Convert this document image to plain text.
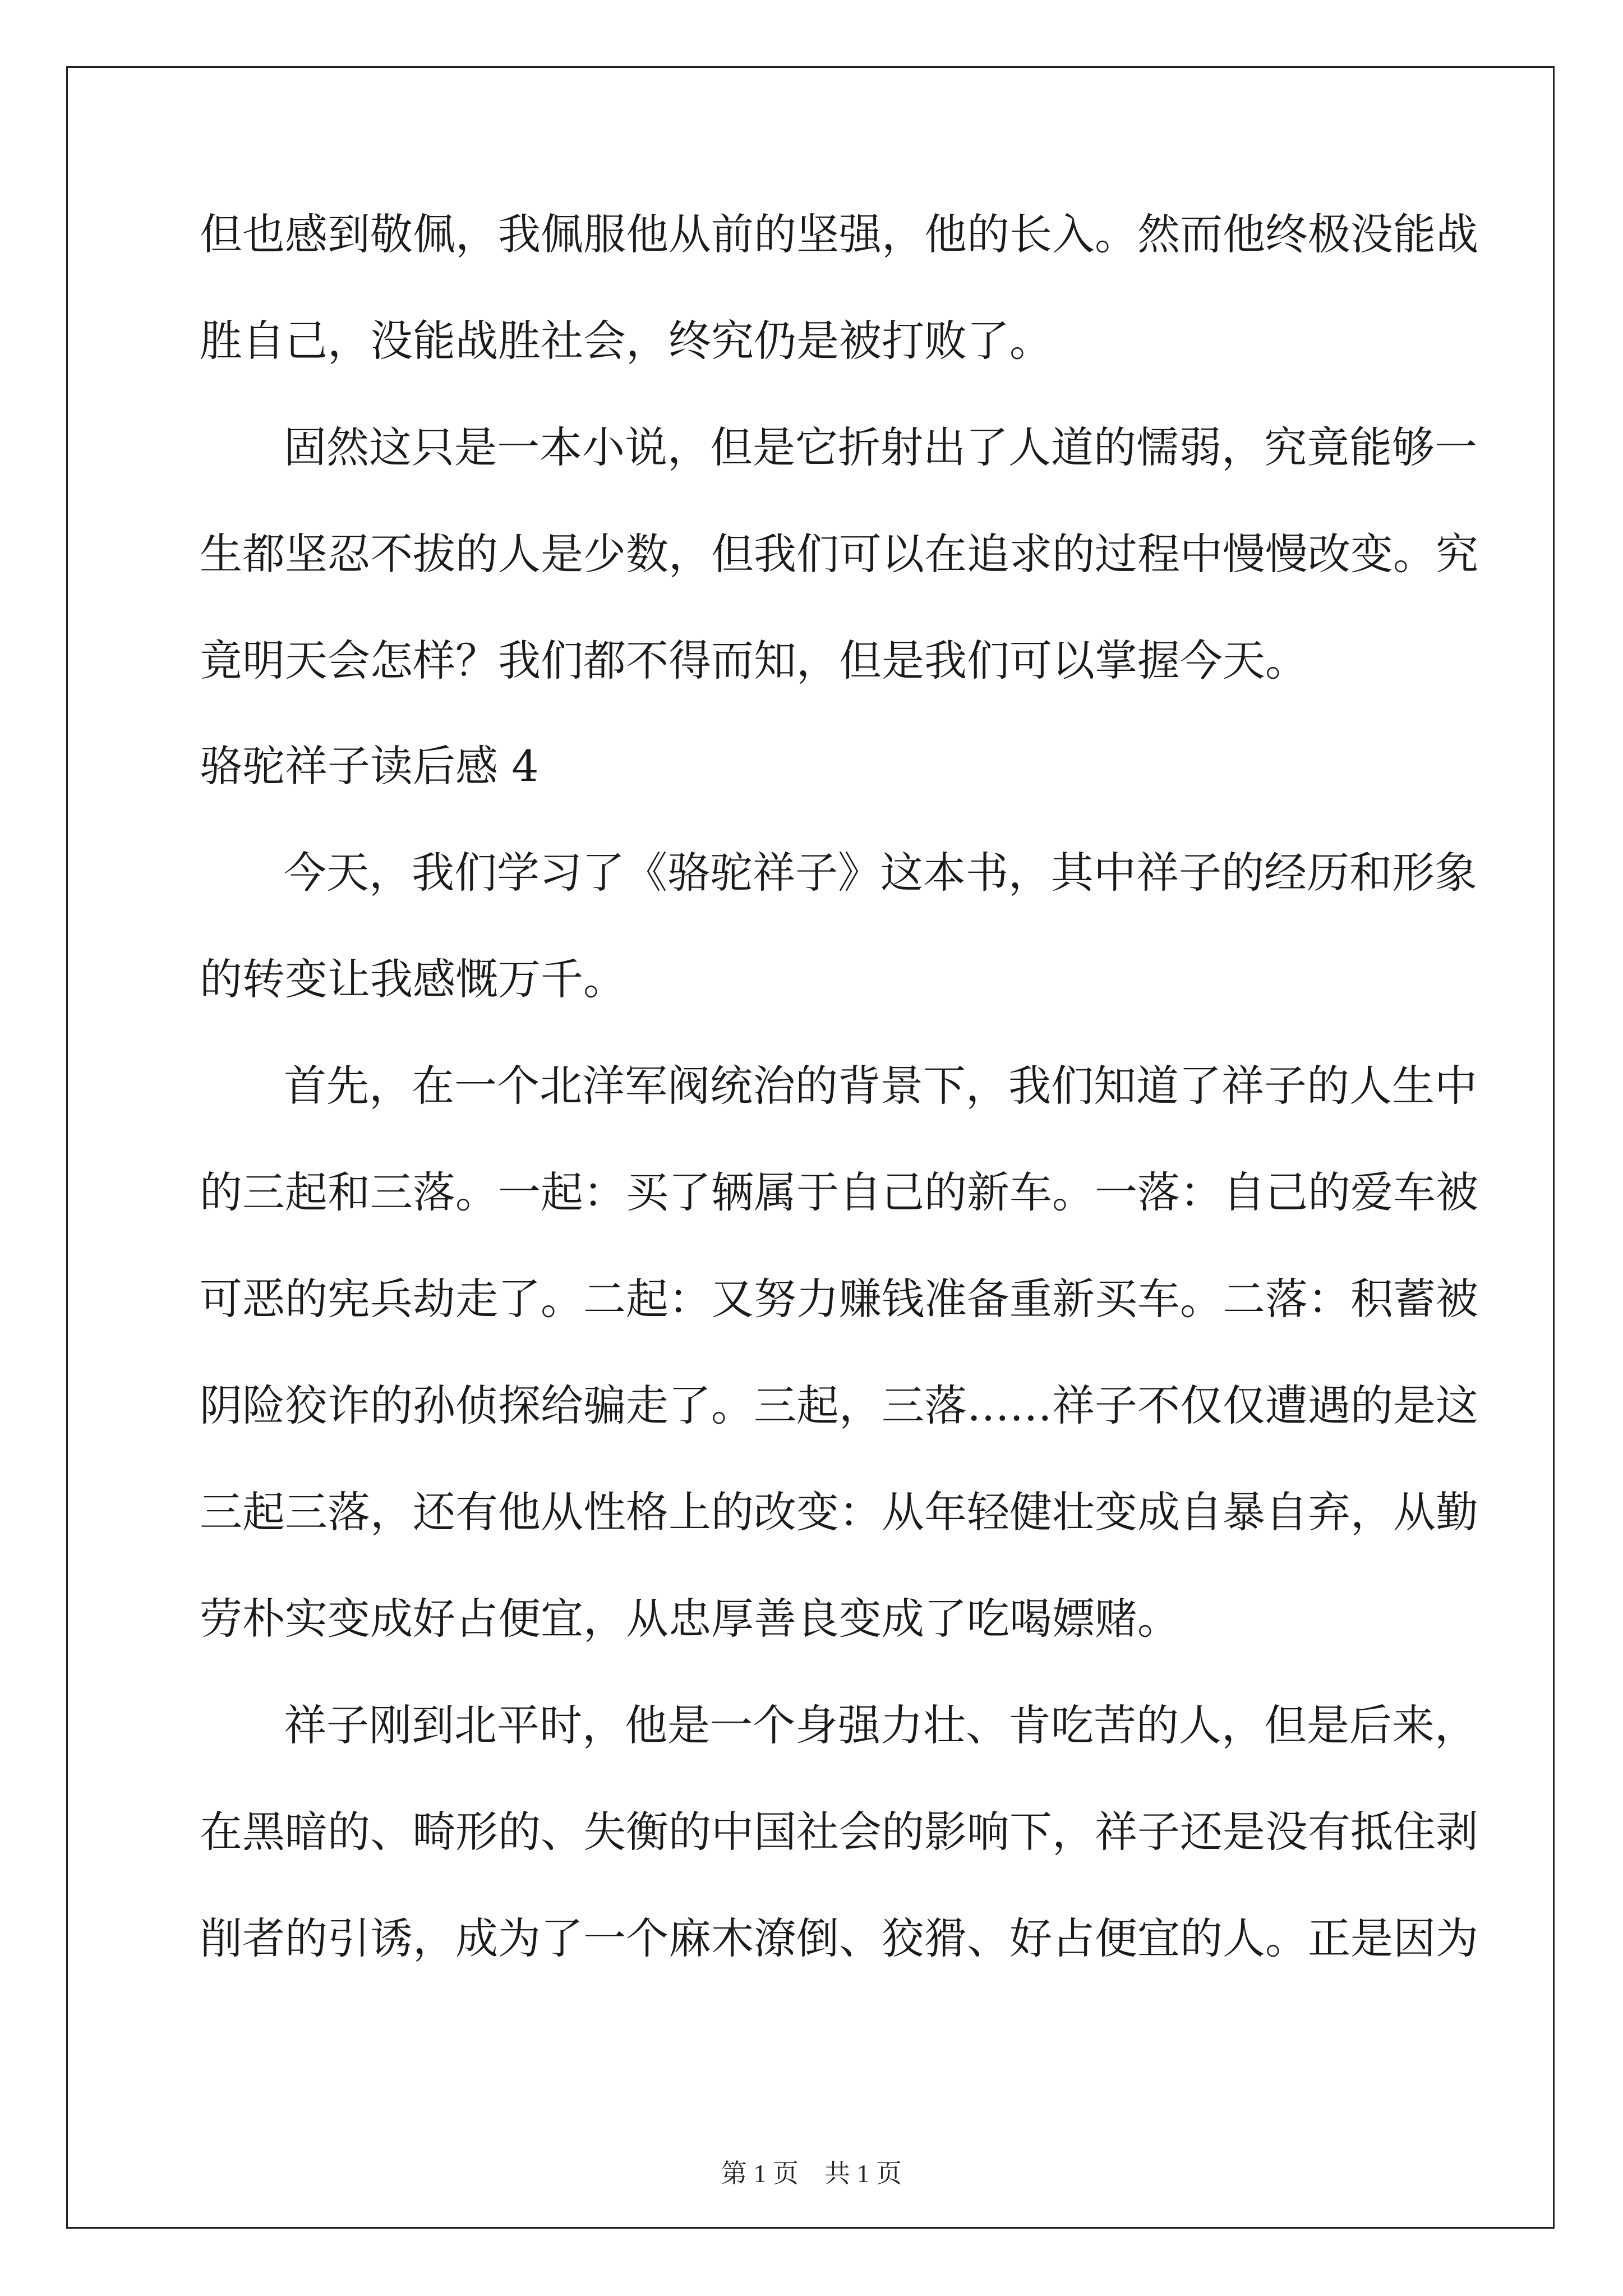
但 也 感 到 敬 佩 ， 我 佩 服 他 从 前 的 坚 强 ， 他 的 长 入 。 然 而 他 终 极 没 能 战
胜自己，没能战胜社会，终究仍是被打败了。
固 然 这 只 是 一 本 小 说 ， 但 是 它 折 射 出 了 人 道 的 懦 弱 ， 究 竟 能 够 一
生 都 坚 忍 不 拔 的 人 是 少 数 ， 但 我 们 可 以 在 追 求 的 过 程 中 慢 慢 改 变 。 究
竟明天会怎样？我们都不得而知，但是我们可以掌握今天。
骆驼祥子读后感 4
今 天 ， 我 们 学 习 了 《 骆 驼 祥 子 》 这 本 书 ， 其 中 祥 子 的 经 历 和 形 象
的转变让我感慨万千。
首 先 ， 在 一 个 北 洋 军 阀 统 治 的 背 景 下 ， 我 们 知 道 了 祥 子 的 人 生 中
的 三 起 和 三 落 。 一 起 ： 买 了 辆 属 于 自 己 的 新 车 。 一 落 ： 自 己 的 爱 车 被
可 恶 的 宪 兵 劫 走 了 。 二 起 ： 又 努 力 赚 钱 准 备 重 新 买 车 。 二 落 ： 积 蓄 被
阴 险 狡 诈 的 孙 侦 探 给 骗 走 了 。 三 起 ， 三 落 … … 祥 子 不 仅 仅 遭 遇 的 是 这
三 起 三 落 ， 还 有 他 从 性 格 上 的 改 变 ： 从 年 轻 健 壮 变 成 自 暴 自 弃 ， 从 勤
劳朴实变成好占便宜，从忠厚善良变成了吃喝嫖赌。
祥 子 刚 到 北 平 时 ， 他 是 一 个 身 强 力 壮 、 肯 吃 苦 的 人 ， 但 是 后 来 ，
在 黑 暗 的 、 畸 形 的 、 失 衡 的 中 国 社 会 的 影 响 下 ， 祥 子 还 是 没 有 抵 住 剥
削 者 的 引 诱 ， 成 为 了 一 个 麻 木 潦 倒 、 狡 猾 、 好 占 便 宜 的 人 。 正 是 因 为
第 1 页　共 1 页
